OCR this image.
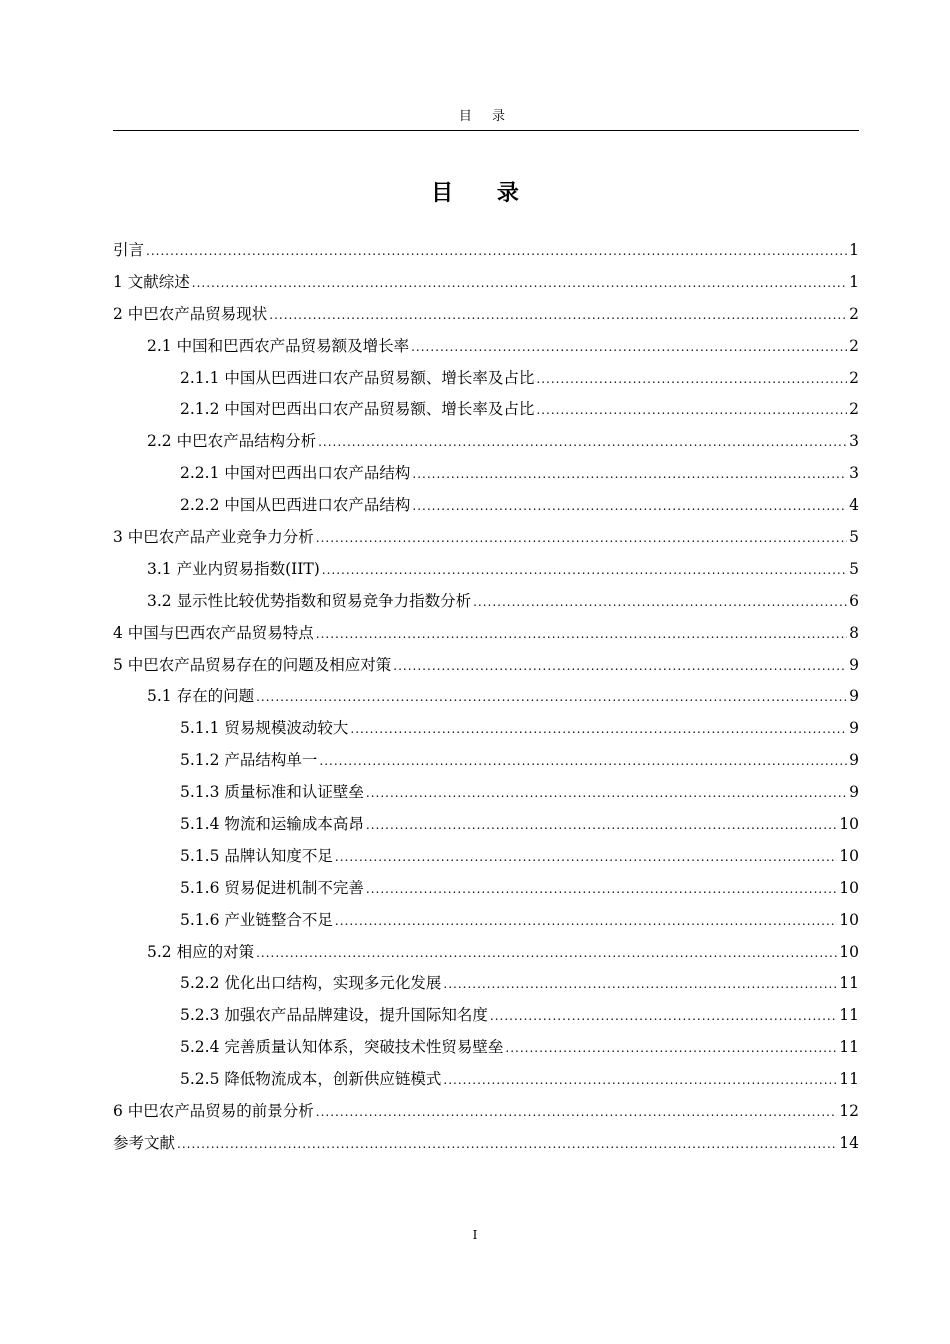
目 录
目 录
引言 .....	1
1 文献综述 .....	1
2 中巴农产品贸易现状 .....	2
2.1 中国和巴西农产品贸易额及增长率 .....	2
2.1.1 中国从巴西进口农产品贸易额、增长率及占比 .....	2
2.1.2 中国对巴西出口农产品贸易额、增长率及占比 .....	2
2.2 中巴农产品结构分析 .....	3
2.2.1 中国对巴西出口农产品结构 .....	3
2.2.2 中国从巴西进口农产品结构 .....	4
3 中巴农产品产业竞争力分析 .....	5
3.1 产业内贸易指数(IIT) .....	5
3.2 显示性比较优势指数和贸易竞争力指数分析 .....	6
4 中国与巴西农产品贸易特点 .....	8
5 中巴农产品贸易存在的问题及相应对策 .....	9
5.1 存在的问题 .....	9
5.1.1 贸易规模波动较大 .....	9
5.1.2 产品结构单一 .....	9
5.1.3 质量标准和认证壁垒 .....	9
5.1.4 物流和运输成本高昂 .....	10
5.1.5 品牌认知度不足 .....	10
5.1.6 贸易促进机制不完善 .....	10
5.1.6 产业链整合不足 .....	10
5.2 相应的对策 .....	10
5.2.2 优化出口结构，实现多元化发展 .....	11
5.2.3 加强农产品品牌建设，提升国际知名度 .....	11
5.2.4 完善质量认知体系，突破技术性贸易壁垒 .....	11
5.2.5 降低物流成本，创新供应链模式 .....	11
6 中巴农产品贸易的前景分析 .....	12
参考文献 .....	14
I
